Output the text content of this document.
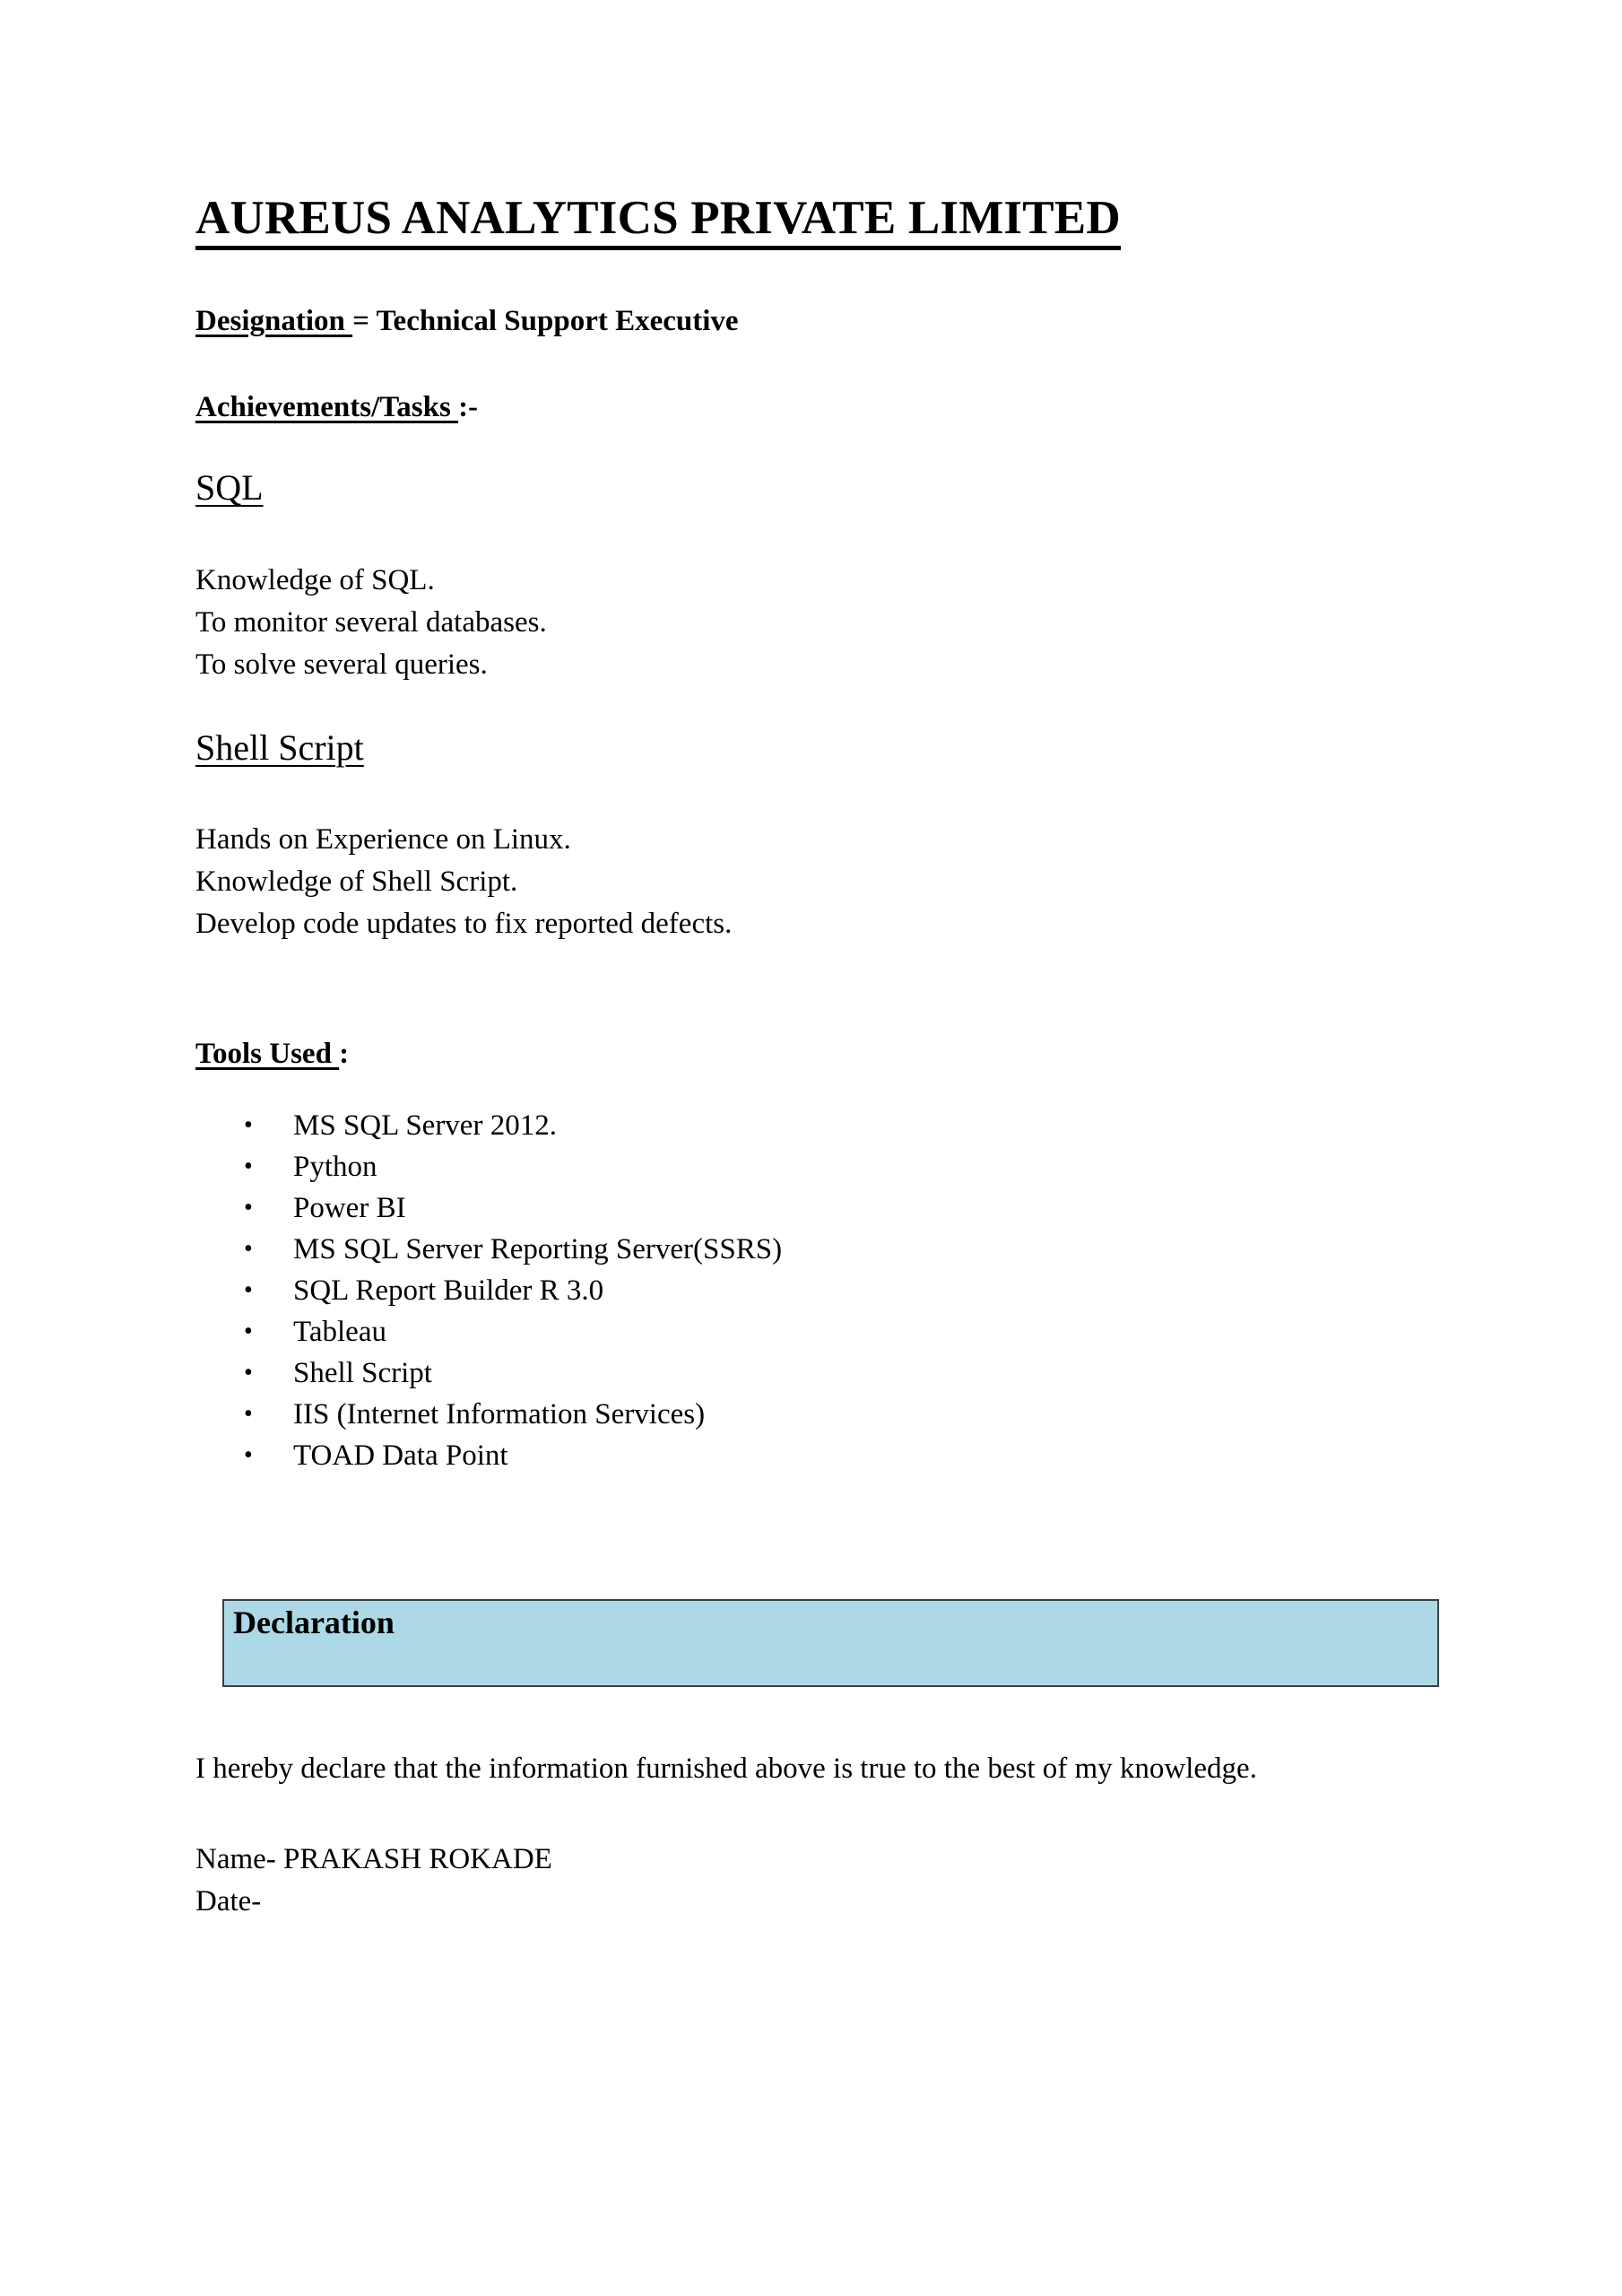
AUREUS ANALYTICS PRIVATE LIMITED
Designation = Technical Support Executive
Achievements/Tasks :-
SQL
Knowledge of SQL.
To monitor several databases.
To solve several queries.
Shell Script
Hands on Experience on Linux.
Knowledge of Shell Script.
Develop code updates to fix reported defects.
Tools Used :
•	MS SQL Server 2012.
•	Python
•	Power BI
•	MS SQL Server Reporting Server(SSRS)
•	SQL Report Builder R 3.0
•	Tableau
•	Shell Script
•	IIS (Internet Information Services)
•	TOAD Data Point
Declaration
I hereby declare that the information furnished above is true to the best of my knowledge.
Name- PRAKASH ROKADE
Date-
